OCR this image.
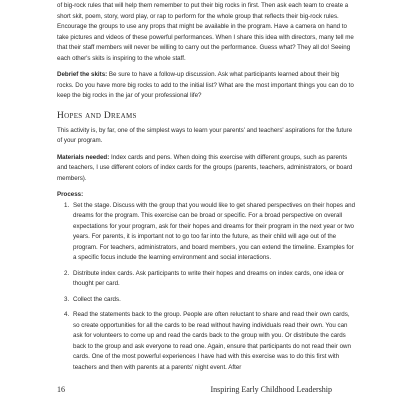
of big-rock rules that will help them remember to put their big rocks in first. Then ask each team to create a short skit, poem, story, word play, or rap to perform for the whole group that reflects their big-rock rules. Encourage the groups to use any props that might be available in the program. Have a camera on hand to take pictures and videos of these powerful performances. When I share this idea with directors, many tell me that their staff members will never be willing to carry out the performance. Guess what? They all do! Seeing each other's skits is inspiring to the whole staff.

Debrief the skits: Be sure to have a follow-up discussion. Ask what participants learned about their big rocks. Do you have more big rocks to add to the initial list? What are the most important things you can do to keep the big rocks in the jar of your professional life?

Hopes and Dreams

This activity is, by far, one of the simplest ways to learn your parents' and teachers' aspirations for the future of your program.

Materials needed: Index cards and pens. When doing this exercise with different groups, such as parents and teachers, I use different colors of index cards for the groups (parents, teachers, administrators, or board members).

Process:
1. Set the stage. Discuss with the group that you would like to get shared perspectives on their hopes and dreams for the program. This exercise can be broad or specific. For a broad perspective on overall expectations for your program, ask for their hopes and dreams for their program in the next year or two years. For parents, it is important not to go too far into the future, as their child will age out of the program. For teachers, administrators, and board members, you can extend the timeline. Examples for a specific focus include the learning environment and social interactions.

2. Distribute index cards. Ask participants to write their hopes and dreams on index cards, one idea or thought per card.

3. Collect the cards.

4. Read the statements back to the group. People are often reluctant to share and read their own cards, so create opportunities for all the cards to be read without having individuals read their own. You can ask for volunteers to come up and read the cards back to the group with you. Or distribute the cards back to the group and ask everyone to read one. Again, ensure that participants do not read their own cards. One of the most powerful experiences I have had with this exercise was to do this first with teachers and then with parents at a parents' night event. After

16	Inspiring Early Childhood Leadership
